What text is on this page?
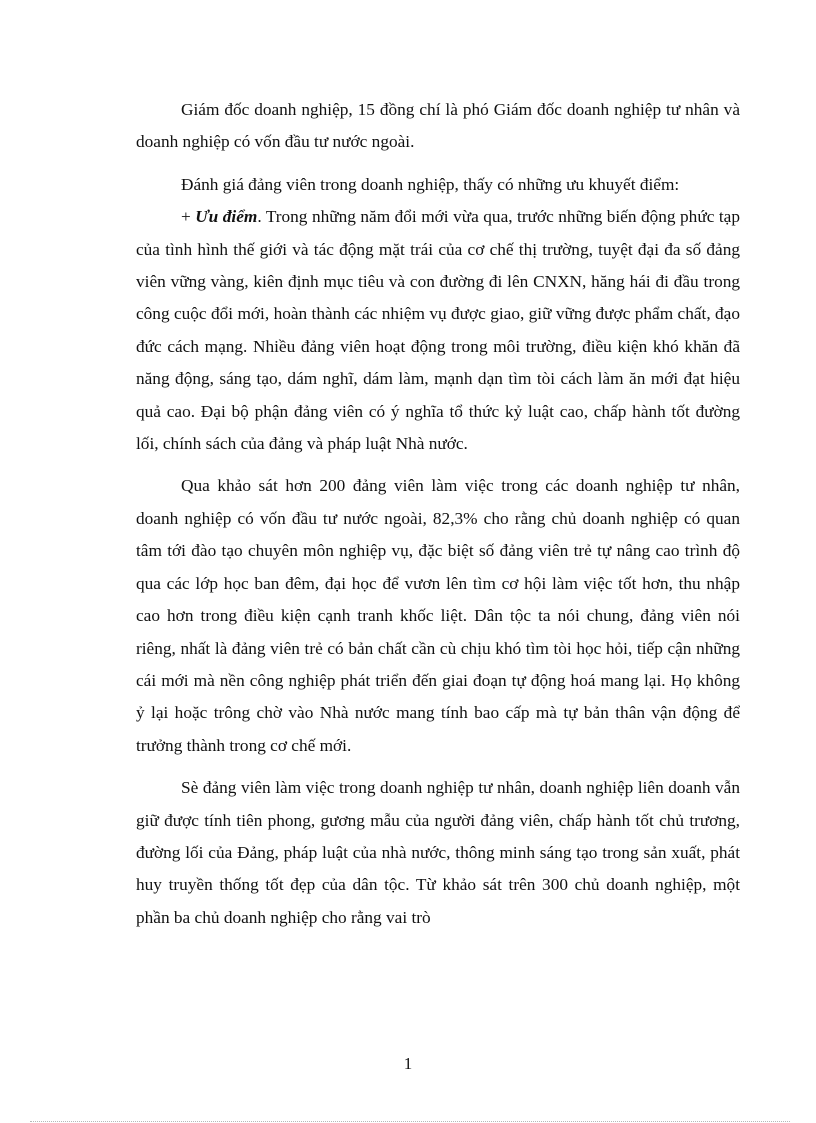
Giám đốc doanh nghiệp, 15 đồng chí là phó Giám đốc doanh nghiệp tư nhân và doanh nghiệp có vốn đầu tư nước ngoài.

Đánh giá đảng viên trong doanh nghiệp, thấy có những ưu khuyết điểm:

+ Ưu điểm. Trong những năm đổi mới vừa qua, trước những biến động phức tạp của tình hình thế giới và tác động mặt trái của cơ chế thị trường, tuyệt đại đa số đảng viên vững vàng, kiên định mục tiêu và con đường đi lên CNXN, hăng hái đi đầu trong công cuộc đổi mới, hoàn thành các nhiệm vụ được giao, giữ vững được phẩm chất, đạo đức cách mạng. Nhiều đảng viên hoạt động trong môi trường, điều kiện khó khăn đã năng động, sáng tạo, dám nghĩ, dám làm, mạnh dạn tìm tòi cách làm ăn mới đạt hiệu quả cao. Đại bộ phận đảng viên có ý nghĩa tổ thức kỷ luật cao, chấp hành tốt đường lối, chính sách của đảng và pháp luật Nhà nước.

Qua khảo sát hơn 200 đảng viên làm việc trong các doanh nghiệp tư nhân, doanh nghiệp có vốn đầu tư nước ngoài, 82,3% cho rằng chủ doanh nghiệp có quan tâm tới đào tạo chuyên môn nghiệp vụ, đặc biệt số đảng viên trẻ tự nâng cao trình độ qua các lớp học ban đêm, đại học để vươn lên tìm cơ hội làm việc tốt hơn, thu nhập cao hơn trong điều kiện cạnh tranh khốc liệt. Dân tộc ta nói chung, đảng viên nói riêng, nhất là đảng viên trẻ có bản chất cần cù chịu khó tìm tòi học hỏi, tiếp cận những cái mới mà nền công nghiệp phát triển đến giai đoạn tự động hoá mang lại. Họ không ỷ lại hoặc trông chờ vào Nhà nước mang tính bao cấp mà tự bản thân vận động để trưởng thành trong cơ chế mới.

Sè đảng viên làm việc trong doanh nghiệp tư nhân, doanh nghiệp liên doanh vẫn giữ được tính tiên phong, gương mẫu của người đảng viên, chấp hành tốt chủ trương, đường lối của Đảng, pháp luật của nhà nước, thông minh sáng tạo trong sản xuất, phát huy truyền thống tốt đẹp của dân tộc. Từ khảo sát trên 300 chủ doanh nghiệp, một phần ba chủ doanh nghiệp cho rằng vai trò

1
